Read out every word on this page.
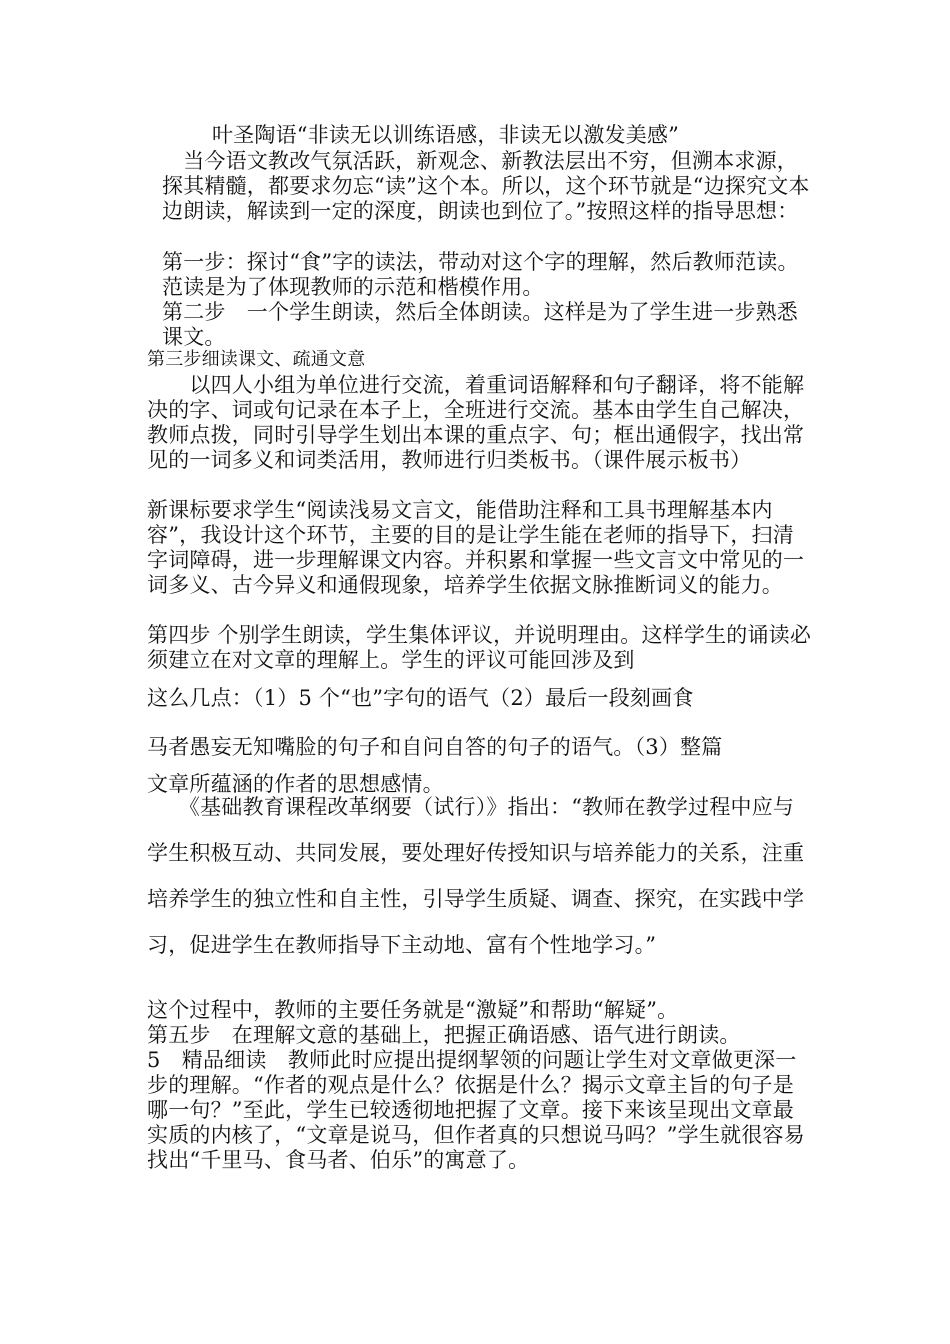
叶圣陶语“非读无以训练语感，非读无以激发美感”

　当今语文教改气氛活跃，新观念、新教法层出不穷，但溯本求源，探其精髓，都要求勿忘“读”这个本。所以，这个环节就是“边探究文本边朗读，解读到一定的深度，朗读也到位了。”按照这样的指导思想：

第一步：探讨“食”字的读法，带动对这个字的理解，然后教师范读。范读是为了体现教师的示范和楷模作用。

第二步　一个学生朗读，然后全体朗读。这样是为了学生进一步熟悉课文。

第三步细读课文、疏通文意

　　以四人小组为单位进行交流，着重词语解释和句子翻译，将不能解决的字、词或句记录在本子上，全班进行交流。基本由学生自己解决，教师点拨，同时引导学生划出本课的重点字、句；框出通假字，找出常见的一词多义和词类活用，教师进行归类板书。（课件展示板书）

新课标要求学生“阅读浅易文言文，能借助注释和工具书理解基本内容”，我设计这个环节，主要的目的是让学生能在老师的指导下，扫清字词障碍，进一步理解课文内容。并积累和掌握一些文言文中常见的一词多义、古今异义和通假现象，培养学生依据文脉推断词义的能力。

第四步 个别学生朗读，学生集体评议，并说明理由。这样学生的诵读必须建立在对文章的理解上。学生的评议可能回涉及到

这么几点：（1）5 个“也”字句的语气（2）最后一段刻画食

马者愚妄无知嘴脸的句子和自问自答的句子的语气。（3）整篇

文章所蕴涵的作者的思想感情。

　　《基础教育课程改革纲要（试行）》指出：“教师在教学过程中应与学生积极互动、共同发展，要处理好传授知识与培养能力的关系，注重培养学生的独立性和自主性，引导学生质疑、调查、探究，在实践中学习，促进学生在教师指导下主动地、富有个性地学习。”

这个过程中，教师的主要任务就是“激疑”和帮助“解疑”。

第五步　在理解文意的基础上，把握正确语感、语气进行朗读。

5　精品细读　教师此时应提出提纲挈领的问题让学生对文章做更深一步的理解。“作者的观点是什么？依据是什么？揭示文章主旨的句子是哪一句？”至此，学生已较透彻地把握了文章。接下来该呈现出文章最实质的内核了，“文章是说马，但作者真的只想说马吗？”学生就很容易找出“千里马、食马者、伯乐”的寓意了。
